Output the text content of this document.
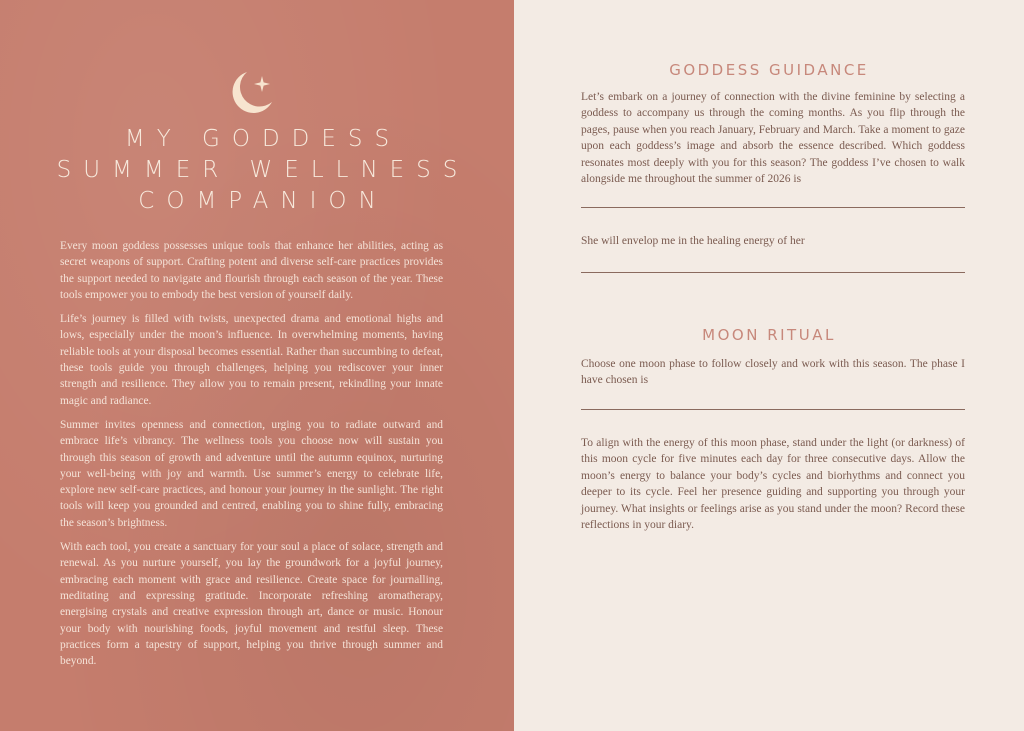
MY GODDESS
SUMMER WELLNESS
COMPANION

Every moon goddess possesses unique tools that enhance her abilities, acting as secret weapons of support. Crafting potent and diverse self-care practices provides the support needed to navigate and flourish through each season of the year. These tools empower you to embody the best version of yourself daily.

Life’s journey is filled with twists, unexpected drama and emotional highs and lows, especially under the moon’s influence. In overwhelming moments, having reliable tools at your disposal becomes essential. Rather than succumbing to defeat, these tools guide you through challenges, helping you rediscover your inner strength and resilience. They allow you to remain present, rekindling your innate magic and radiance.

Summer invites openness and connection, urging you to radiate outward and embrace life’s vibrancy. The wellness tools you choose now will sustain you through this season of growth and adventure until the autumn equinox, nurturing your well-being with joy and warmth. Use summer’s energy to celebrate life, explore new self-care practices, and honour your journey in the sunlight. The right tools will keep you grounded and centred, enabling you to shine fully, embracing the season’s brightness.

With each tool, you create a sanctuary for your soul a place of solace, strength and renewal. As you nurture yourself, you lay the groundwork for a joyful journey, embracing each moment with grace and resilience. Create space for journalling, meditating and expressing gratitude. Incorporate refreshing aromatherapy, energising crystals and creative expression through art, dance or music. Honour your body with nourishing foods, joyful movement and restful sleep. These practices form a tapestry of support, helping you thrive through summer and beyond.

GODDESS GUIDANCE
Let’s embark on a journey of connection with the divine feminine by selecting a goddess to accompany us through the coming months. As you flip through the pages, pause when you reach January, February and March. Take a moment to gaze upon each goddess’s image and absorb the essence described. Which goddess resonates most deeply with you for this season? The goddess I’ve chosen to walk alongside me throughout the summer of 2026 is
She will envelop me in the healing energy of her
MOON RITUAL
Choose one moon phase to follow closely and work with this season. The phase I have chosen is
To align with the energy of this moon phase, stand under the light (or darkness) of this moon cycle for five minutes each day for three consecutive days. Allow the moon’s energy to balance your body’s cycles and biorhythms and connect you deeper to its cycle. Feel her presence guiding and supporting you through your journey. What insights or feelings arise as you stand under the moon? Record these reflections in your diary.
